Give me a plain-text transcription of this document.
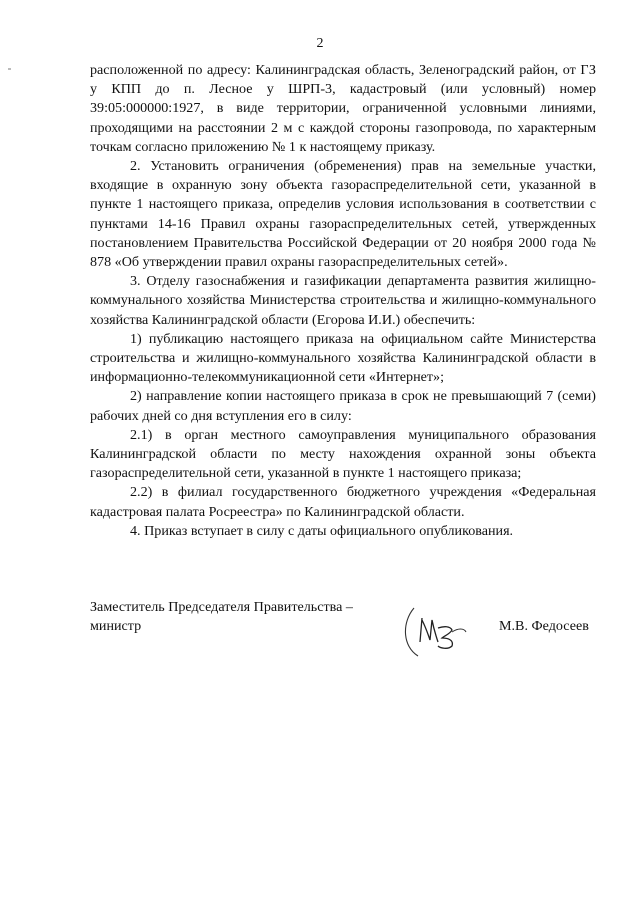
2

расположенной по адресу: Калининградская область, Зеленоградский район, от ГЗ у КПП до п. Лесное у ШРП-3, кадастровый (или условный) номер 39:05:000000:1927, в виде территории, ограниченной условными линиями, проходящими на расстоянии 2 м с каждой стороны газопровода, по характерным точкам согласно приложению № 1 к настоящему приказу.

2. Установить ограничения (обременения) прав на земельные участки, входящие в охранную зону объекта газораспределительной сети, указанной в пункте 1 настоящего приказа, определив условия использования в соответствии с пунктами 14-16 Правил охраны газораспределительных сетей, утвержденных постановлением Правительства Российской Федерации от 20 ноября 2000 года № 878 «Об утверждении правил охраны газораспределительных сетей».

3. Отделу газоснабжения и газификации департамента развития жилищно-коммунального хозяйства Министерства строительства и жилищно-коммунального хозяйства Калининградской области (Егорова И.И.) обеспечить:

1) публикацию настоящего приказа на официальном сайте Министерства строительства и жилищно-коммунального хозяйства Калининградской области в информационно-телекоммуникационной сети «Интернет»;

2) направление копии настоящего приказа в срок не превышающий 7 (семи) рабочих дней со дня вступления его в силу:

2.1) в орган местного самоуправления муниципального образования Калининградской области по месту нахождения охранной зоны объекта газораспределительной сети, указанной в пункте 1 настоящего приказа;

2.2) в филиал государственного бюджетного учреждения «Федеральная кадастровая палата Росреестра» по Калининградской области.

4. Приказ вступает в силу с даты официального опубликования.

Заместитель Председателя Правительства –
министр	М.В. Федосеев
